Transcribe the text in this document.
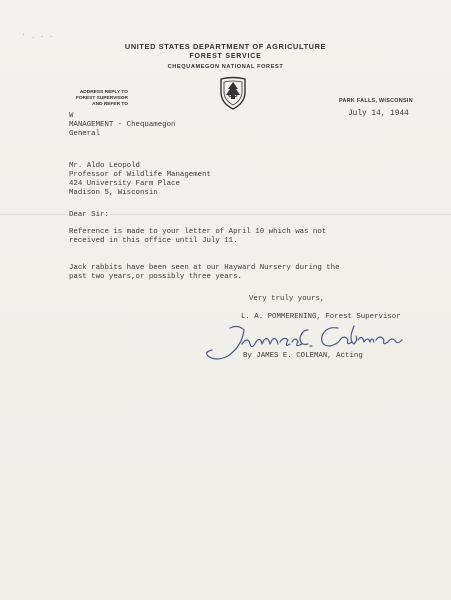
' . - -
UNITED STATES DEPARTMENT OF AGRICULTURE
FOREST SERVICE
CHEQUAMEGON NATIONAL FOREST
US
ADDRESS REPLY TO
FOREST SUPERVISOR
AND REFER TO
PARK FALLS, WISCONSIN
July 14, 1944
W
MANAGEMENT - Chequamegon
General
Mr. Aldo Leopold
Professor of Wildlife Management
424 University Farm Place
Madison 5, Wisconsin
Dear Sir:
Reference is made to your letter of April 10 which was not
received in this office until July 11.
Jack rabbits have been seen at our Hayward Nursery during the
past two years,or possibly three years.
Very truly yours,
L. A. POMMERENING, Forest Supervisor
By JAMES E. COLEMAN, Acting
